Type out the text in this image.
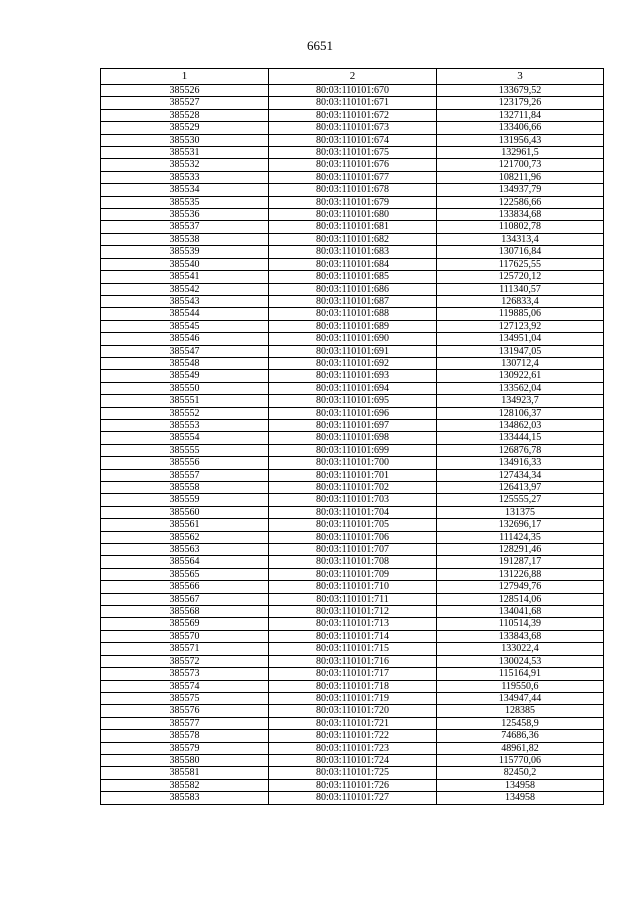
6651
1	2	3
385526	80:03:110101:670	133679,52
385527	80:03:110101:671	123179,26
385528	80:03:110101:672	132711,84
385529	80:03:110101:673	133406,66
385530	80:03:110101:674	131956,43
385531	80:03:110101:675	132961,5
385532	80:03:110101:676	121700,73
385533	80:03:110101:677	108211,96
385534	80:03:110101:678	134937,79
385535	80:03:110101:679	122586,66
385536	80:03:110101:680	133834,68
385537	80:03:110101:681	110802,78
385538	80:03:110101:682	134313,4
385539	80:03:110101:683	130716,84
385540	80:03:110101:684	117625,55
385541	80:03:110101:685	125720,12
385542	80:03:110101:686	111340,57
385543	80:03:110101:687	126833,4
385544	80:03:110101:688	119885,06
385545	80:03:110101:689	127123,92
385546	80:03:110101:690	134951,04
385547	80:03:110101:691	131947,05
385548	80:03:110101:692	130712,4
385549	80:03:110101:693	130922,61
385550	80:03:110101:694	133562,04
385551	80:03:110101:695	134923,7
385552	80:03:110101:696	128106,37
385553	80:03:110101:697	134862,03
385554	80:03:110101:698	133444,15
385555	80:03:110101:699	126876,78
385556	80:03:110101:700	134916,33
385557	80:03:110101:701	127434,34
385558	80:03:110101:702	126413,97
385559	80:03:110101:703	125555,27
385560	80:03:110101:704	131375
385561	80:03:110101:705	132696,17
385562	80:03:110101:706	111424,35
385563	80:03:110101:707	128291,46
385564	80:03:110101:708	191287,17
385565	80:03:110101:709	131226,88
385566	80:03:110101:710	127949,76
385567	80:03:110101:711	128514,06
385568	80:03:110101:712	134041,68
385569	80:03:110101:713	110514,39
385570	80:03:110101:714	133843,68
385571	80:03:110101:715	133022,4
385572	80:03:110101:716	130024,53
385573	80:03:110101:717	115164,91
385574	80:03:110101:718	119550,6
385575	80:03:110101:719	134947,44
385576	80:03:110101:720	128385
385577	80:03:110101:721	125458,9
385578	80:03:110101:722	74686,36
385579	80:03:110101:723	48961,82
385580	80:03:110101:724	115770,06
385581	80:03:110101:725	82450,2
385582	80:03:110101:726	134958
385583	80:03:110101:727	134958
